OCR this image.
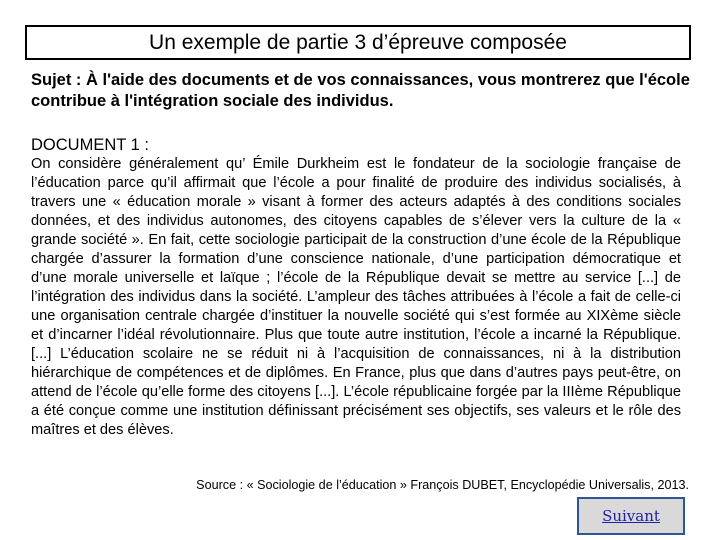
Un exemple de partie 3 d’épreuve composée
Sujet : À l'aide des documents et de vos connaissances, vous montrerez que l'école contribue à l'intégration sociale des individus.
DOCUMENT 1 :
On considère généralement qu’ Émile Durkheim est le fondateur de la sociologie française de l’éducation parce qu’il affirmait que l’école a pour finalité de produire des individus socialisés, à travers une « éducation morale » visant à former des acteurs adaptés à des conditions sociales données, et des individus autonomes, des citoyens capables de s’élever vers la culture de la « grande société ». En fait, cette sociologie participait de la construction d’une école de la République chargée d’assurer la formation d’une conscience nationale, d’une participation démocratique et d’une morale universelle et laïque ; l’école de la République devait se mettre au service [...] de l’intégration des individus dans la société. L’ampleur des tâches attribuées à l’école a fait de celle-ci une organisation centrale chargée d’instituer la nouvelle société qui s’est formée au XIXème siècle et d’incarner l’idéal révolutionnaire. Plus que toute autre institution, l’école a incarné la République. [...] L’éducation scolaire ne se réduit ni à l’acquisition de connaissances, ni à la distribution hiérarchique de compétences et de diplômes. En France, plus que dans d’autres pays peut-être, on attend de l’école qu’elle forme des citoyens [...]. L’école républicaine forgée par la IIIème République a été conçue comme une institution définissant précisément ses objectifs, ses valeurs et le rôle des maîtres et des élèves.
Source : « Sociologie de l’éducation » François DUBET, Encyclopédie Universalis, 2013.
Suivant
